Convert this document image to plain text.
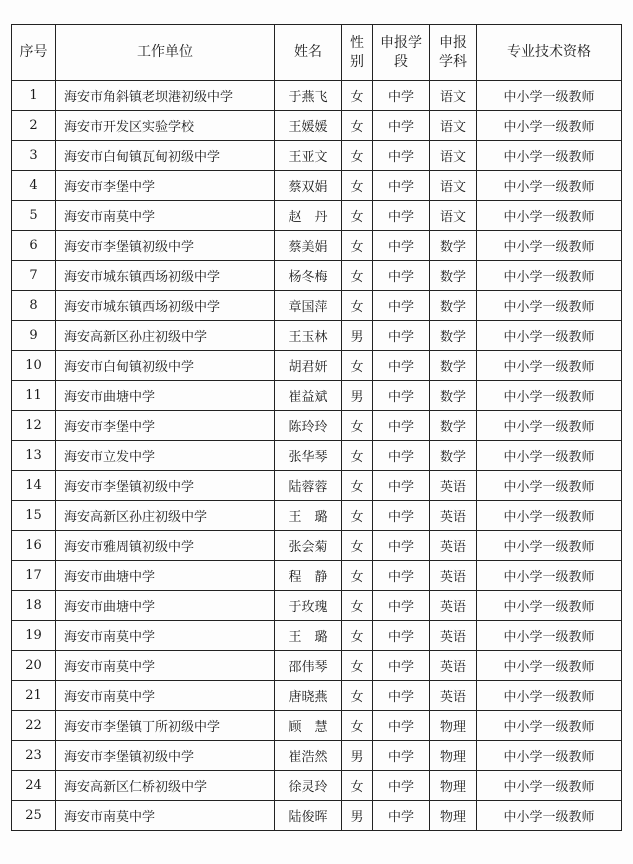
序号	工作单位	姓名	性别	申报学段	申报学科	专业技术资格
1	海安市角斜镇老坝港初级中学	于燕飞	女	中学	语文	中小学一级教师
2	海安市开发区实验学校	王媛媛	女	中学	语文	中小学一级教师
3	海安市白甸镇瓦甸初级中学	王亚文	女	中学	语文	中小学一级教师
4	海安市李堡中学	蔡双娟	女	中学	语文	中小学一级教师
5	海安市南莫中学	赵　丹	女	中学	语文	中小学一级教师
6	海安市李堡镇初级中学	蔡美娟	女	中学	数学	中小学一级教师
7	海安市城东镇西场初级中学	杨冬梅	女	中学	数学	中小学一级教师
8	海安市城东镇西场初级中学	章国萍	女	中学	数学	中小学一级教师
9	海安高新区孙庄初级中学	王玉林	男	中学	数学	中小学一级教师
10	海安市白甸镇初级中学	胡君妍	女	中学	数学	中小学一级教师
11	海安市曲塘中学	崔益斌	男	中学	数学	中小学一级教师
12	海安市李堡中学	陈玲玲	女	中学	数学	中小学一级教师
13	海安市立发中学	张华琴	女	中学	数学	中小学一级教师
14	海安市李堡镇初级中学	陆蓉蓉	女	中学	英语	中小学一级教师
15	海安高新区孙庄初级中学	王　璐	女	中学	英语	中小学一级教师
16	海安市雅周镇初级中学	张会菊	女	中学	英语	中小学一级教师
17	海安市曲塘中学	程　静	女	中学	英语	中小学一级教师
18	海安市曲塘中学	于玫瑰	女	中学	英语	中小学一级教师
19	海安市南莫中学	王　璐	女	中学	英语	中小学一级教师
20	海安市南莫中学	邵伟琴	女	中学	英语	中小学一级教师
21	海安市南莫中学	唐晓燕	女	中学	英语	中小学一级教师
22	海安市李堡镇丁所初级中学	顾　慧	女	中学	物理	中小学一级教师
23	海安市李堡镇初级中学	崔浩然	男	中学	物理	中小学一级教师
24	海安高新区仁桥初级中学	徐灵玲	女	中学	物理	中小学一级教师
25	海安市南莫中学	陆俊晖	男	中学	物理	中小学一级教师
